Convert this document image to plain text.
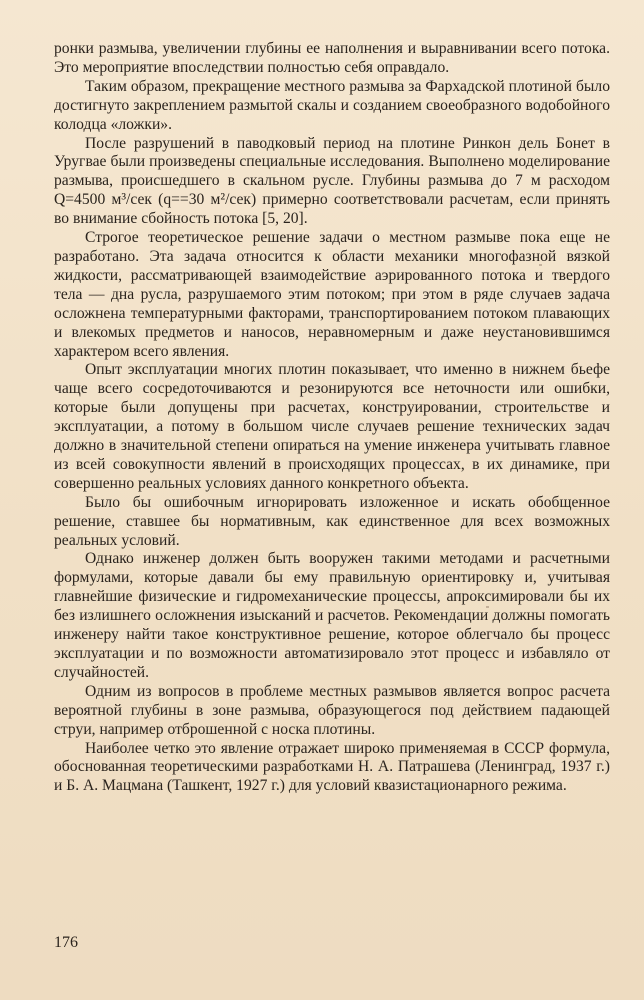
ронки размыва, увеличении глубины ее наполнения и выравнивании всего потока. Это мероприятие впоследствии полностью себя оправдало.

Таким образом, прекращение местного размыва за Фархадской плотиной было достигнуто закреплением размытой скалы и созданием своеобразного водобойного колодца «ложки».

После разрушений в паводковый период на плотине Ринкон дель Бонет в Уругвае были произведены специальные исследования. Выполнено моделирование размыва, происшедшего в скальном русле. Глубины размыва до 7 м расходом Q=4500 м³/сек (q==30 м²/сек) примерно соответствовали расчетам, если принять во внимание сбойность потока [5, 20].

Строгое теоретическое решение задачи о местном размыве пока еще не разработано. Эта задача относится к области механики многофазной вязкой жидкости, рассматривающей взаимодействие аэрированного потока и твердого тела — дна русла, разрушаемого этим потоком; при этом в ряде случаев задача осложнена температурными факторами, транспортированием потоком плавающих и влекомых предметов и наносов, неравномерным и даже неустановившимся характером всего явления.

Опыт эксплуатации многих плотин показывает, что именно в нижнем бьефе чаще всего сосредоточиваются и резонируются все неточности или ошибки, которые были допущены при расчетах, конструировании, строительстве и эксплуатации, а потому в большом числе случаев решение технических задач должно в значительной степени опираться на умение инженера учитывать главное из всей совокупности явлений в происходящих процессах, в их динамике, при совершенно реальных условиях данного конкретного объекта.

Было бы ошибочным игнорировать изложенное и искать обобщенное решение, ставшее бы нормативным, как единственное для всех возможных реальных условий.

Однако инженер должен быть вооружен такими методами и расчетными формулами, которые давали бы ему правильную ориентировку и, учитывая главнейшие физические и гидромеханические процессы, апроксимировали бы их без излишнего осложнения изысканий и расчетов. Рекомендации должны помогать инженеру найти такое конструктивное решение, которое облегчало бы процесс эксплуатации и по возможности автоматизировало этот процесс и избавляло от случайностей.

Одним из вопросов в проблеме местных размывов является вопрос расчета вероятной глубины в зоне размыва, образующегося под действием падающей струи, например отброшенной с носка плотины.

Наиболее четко это явление отражает широко применяемая в СССР формула, обоснованная теоретическими разработками Н. А. Патрашева (Ленинград, 1937 г.) и Б. А. Мацмана (Ташкент, 1927 г.) для условий квазистационарного режима.

176
